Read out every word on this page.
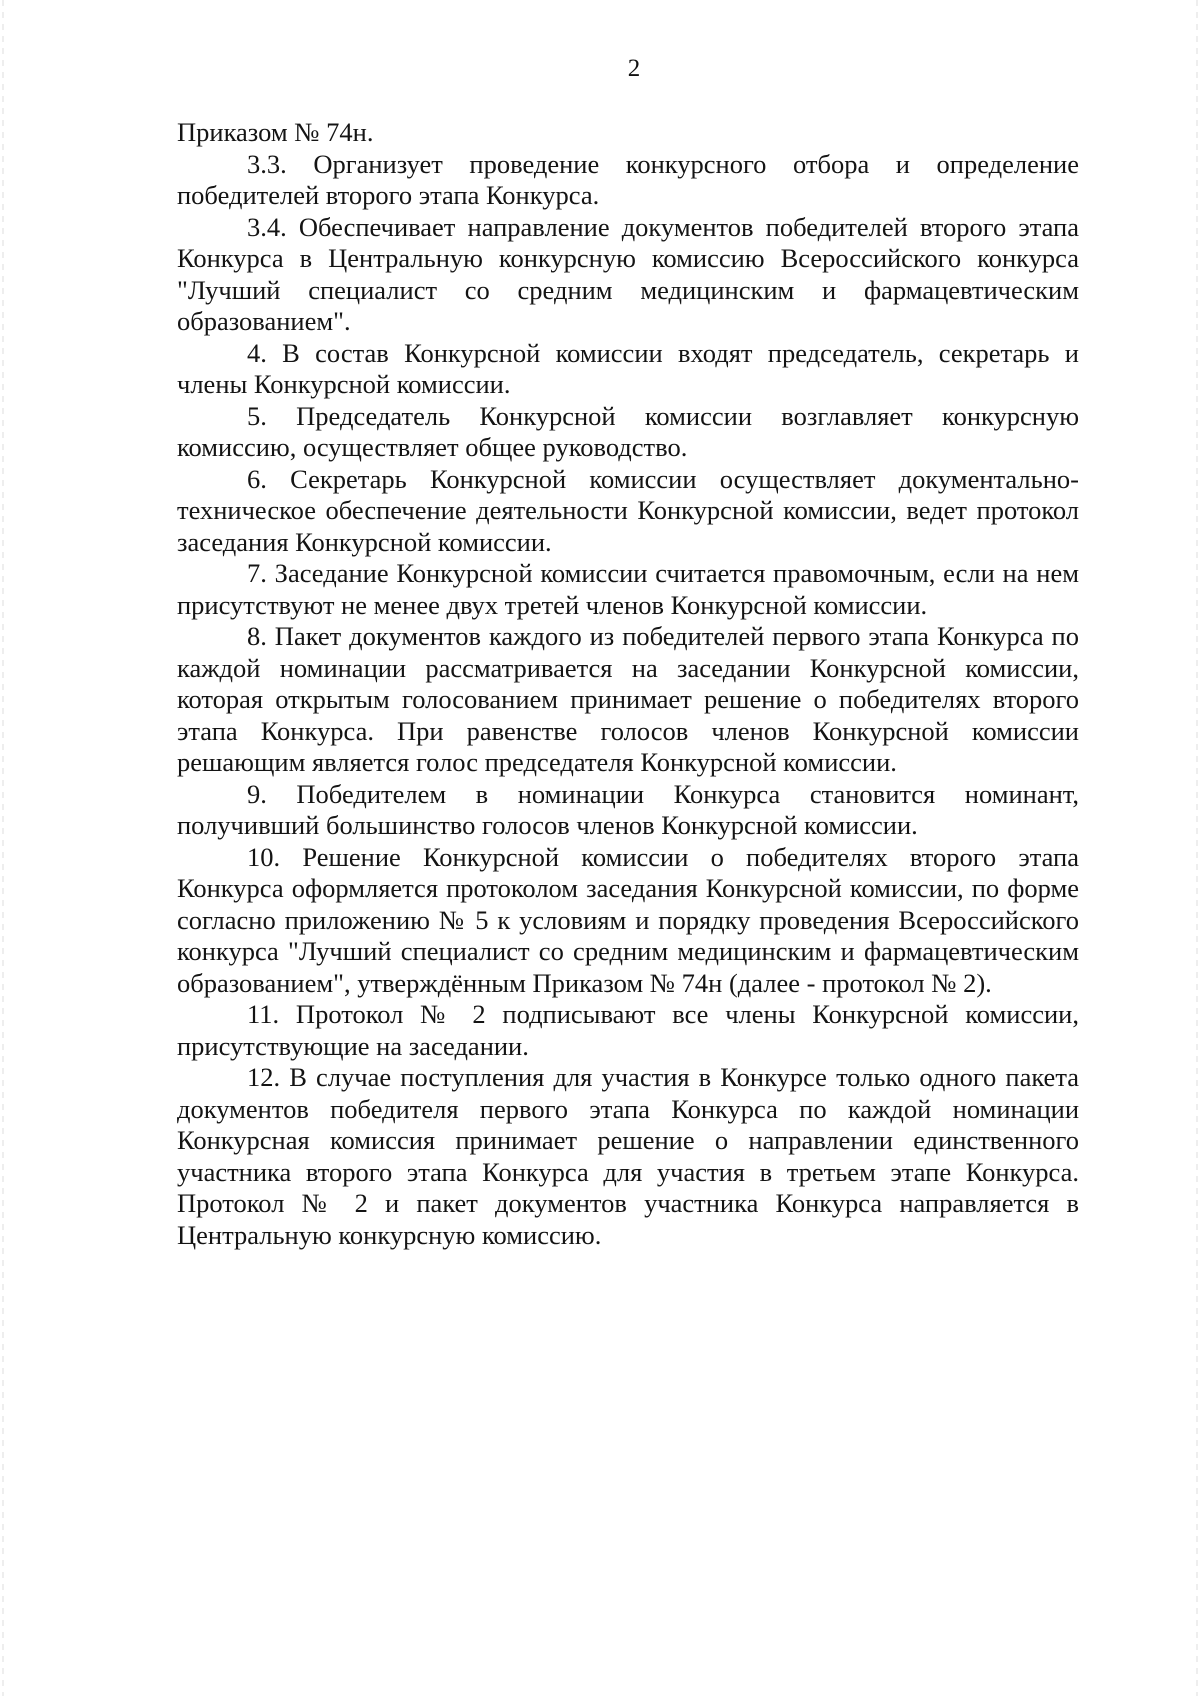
2

Приказом № 74н.

3.3. Организует проведение конкурсного отбора и определение победителей второго этапа Конкурса.

3.4. Обеспечивает направление документов победителей второго этапа Конкурса в Центральную конкурсную комиссию Всероссийского конкурса "Лучший специалист со средним медицинским и фармацевтическим образованием".

4. В состав Конкурсной комиссии входят председатель, секретарь и члены Конкурсной комиссии.

5. Председатель Конкурсной комиссии возглавляет конкурсную комиссию, осуществляет общее руководство.

6. Секретарь Конкурсной комиссии осуществляет документально-техническое обеспечение деятельности Конкурсной комиссии, ведет протокол заседания Конкурсной комиссии.

7. Заседание Конкурсной комиссии считается правомочным, если на нем присутствуют не менее двух третей членов Конкурсной комиссии.

8. Пакет документов каждого из победителей первого этапа Конкурса по каждой номинации рассматривается на заседании Конкурсной комиссии, которая открытым голосованием принимает решение о победителях второго этапа Конкурса. При равенстве голосов членов Конкурсной комиссии решающим является голос председателя Конкурсной комиссии.

9. Победителем в номинации Конкурса становится номинант, получивший большинство голосов членов Конкурсной комиссии.

10. Решение Конкурсной комиссии о победителях второго этапа Конкурса оформляется протоколом заседания Конкурсной комиссии, по форме согласно приложению № 5 к условиям и порядку проведения Всероссийского конкурса "Лучший специалист со средним медицинским и фармацевтическим образованием", утверждённым Приказом № 74н (далее - протокол № 2).

11. Протокол № 2 подписывают все члены Конкурсной комиссии, присутствующие на заседании.

12. В случае поступления для участия в Конкурсе только одного пакета документов победителя первого этапа Конкурса по каждой номинации Конкурсная комиссия принимает решение о направлении единственного участника второго этапа Конкурса для участия в третьем этапе Конкурса. Протокол № 2 и пакет документов участника Конкурса направляется в Центральную конкурсную комиссию.
